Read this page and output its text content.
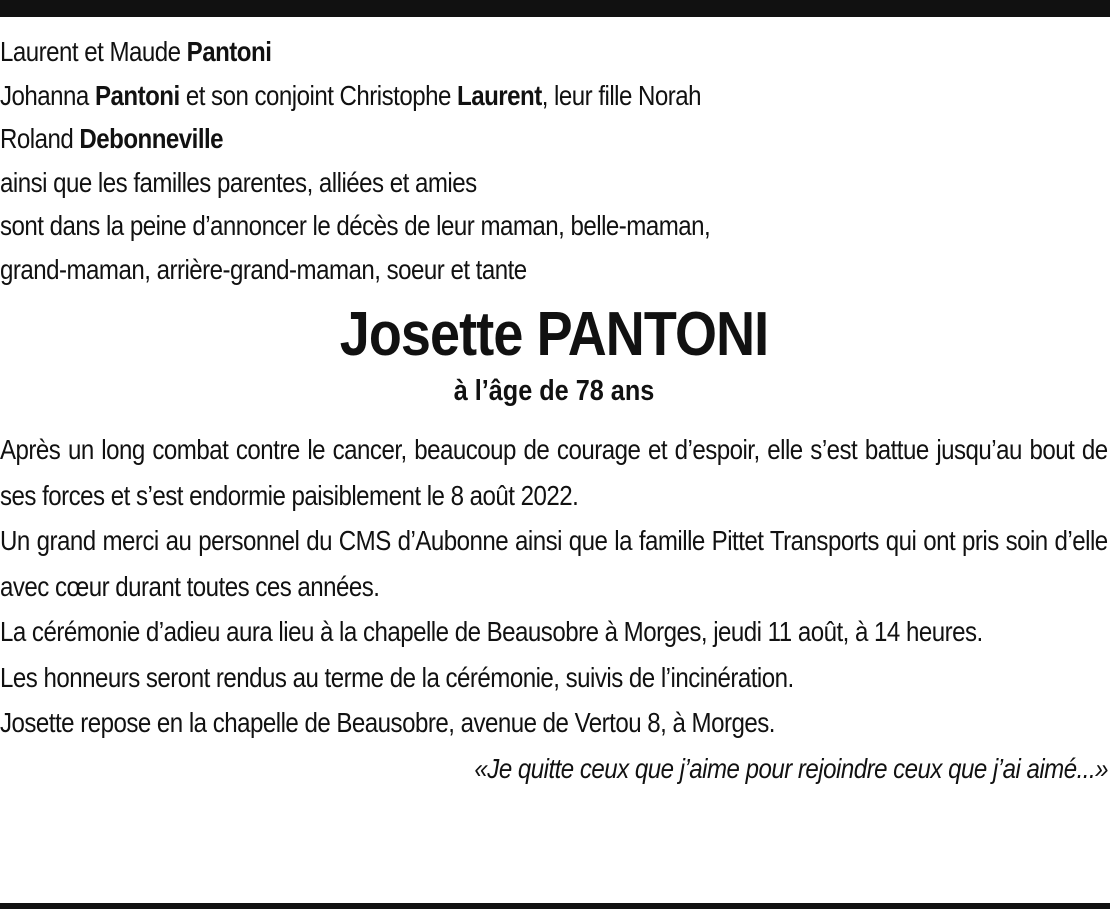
Laurent et Maude Pantoni
Johanna Pantoni et son conjoint Christophe Laurent, leur fille Norah
Roland Debonneville
ainsi que les familles parentes, alliées et amies
sont dans la peine d’annoncer le décès de leur maman, belle-maman,
grand-maman, arrière-grand-maman, soeur et tante
Josette PANTONI

à l’âge de 78 ans

Après un long combat contre le cancer, beaucoup de courage et d’espoir, elle s’est battue jusqu’au bout de ses forces et s’est endormie paisiblement le 8 août 2022.
Un grand merci au personnel du CMS d’Aubonne ainsi que la famille Pittet Transports qui ont pris soin d’elle avec cœur durant toutes ces années.
La cérémonie d’adieu aura lieu à la chapelle de Beausobre à Morges, jeudi 11 août, à 14 heures.
Les honneurs seront rendus au terme de la cérémonie, suivis de l’incinération.
Josette repose en la chapelle de Beausobre, avenue de Vertou 8, à Morges.

«Je quitte ceux que j’aime pour rejoindre ceux que j’ai aimé...»
